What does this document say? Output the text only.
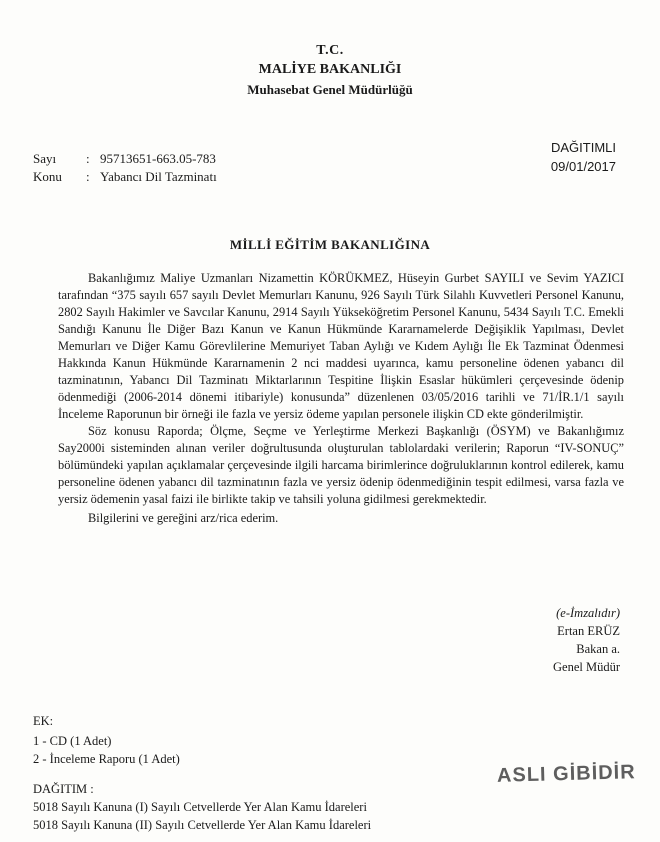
T.C.
MALİYE BAKANLIĞI
Muhasebat Genel Müdürlüğü
Sayı : 95713651-663.05-783
Konu : Yabancı Dil Tazminatı
DAĞITIMLI
09/01/2017
MİLLİ EĞİTİM BAKANLIĞINA

Bakanlığımız Maliye Uzmanları Nizamettin KÖRÜKMEZ, Hüseyin Gurbet SAYILI ve Sevim YAZICI tarafından “375 sayılı 657 sayılı Devlet Memurları Kanunu, 926 Sayılı Türk Silahlı Kuvvetleri Personel Kanunu, 2802 Sayılı Hakimler ve Savcılar Kanunu, 2914 Sayılı Yükseköğretim Personel Kanunu, 5434 Sayılı T.C. Emekli Sandığı Kanunu İle Diğer Bazı Kanun ve Kanun Hükmünde Kararnamelerde Değişiklik Yapılması, Devlet Memurları ve Diğer Kamu Görevlilerine Memuriyet Taban Aylığı ve Kıdem Aylığı İle Ek Tazminat Ödenmesi Hakkında Kanun Hükmünde Kararnamenin 2 nci maddesi uyarınca, kamu personeline ödenen yabancı dil tazminatının, Yabancı Dil Tazminatı Miktarlarının Tespitine İlişkin Esaslar hükümleri çerçevesinde ödenip ödenmediği (2006-2014 dönemi itibariyle) konusunda” düzenlenen 03/05/2016 tarihli ve 71/İR.1/1 sayılı İnceleme Raporunun bir örneği ile fazla ve yersiz ödeme yapılan personele ilişkin CD ekte gönderilmiştir.

Söz konusu Raporda; Ölçme, Seçme ve Yerleştirme Merkezi Başkanlığı (ÖSYM) ve Bakanlığımız Say2000i sisteminden alınan veriler doğrultusunda oluşturulan tablolardaki verilerin; Raporun “IV-SONUÇ” bölümündeki yapılan açıklamalar çerçevesinde ilgili harcama birimlerince doğruluklarının kontrol edilerek, kamu personeline ödenen yabancı dil tazminatının fazla ve yersiz ödenip ödenmediğinin tespit edilmesi, varsa fazla ve yersiz ödemenin yasal faizi ile birlikte takip ve tahsili yoluna gidilmesi gerekmektedir.

Bilgilerini ve gereğini arz/rica ederim.

(e-İmzalıdır)
Ertan ERÜZ
Bakan a.
Genel Müdür
EK:
1 - CD (1 Adet)
2 - İnceleme Raporu (1 Adet)
ASLI GİBİDİR
DAĞITIM :
5018 Sayılı Kanuna (I) Sayılı Cetvellerde Yer Alan Kamu İdareleri
5018 Sayılı Kanuna (II) Sayılı Cetvellerde Yer Alan Kamu İdareleri
